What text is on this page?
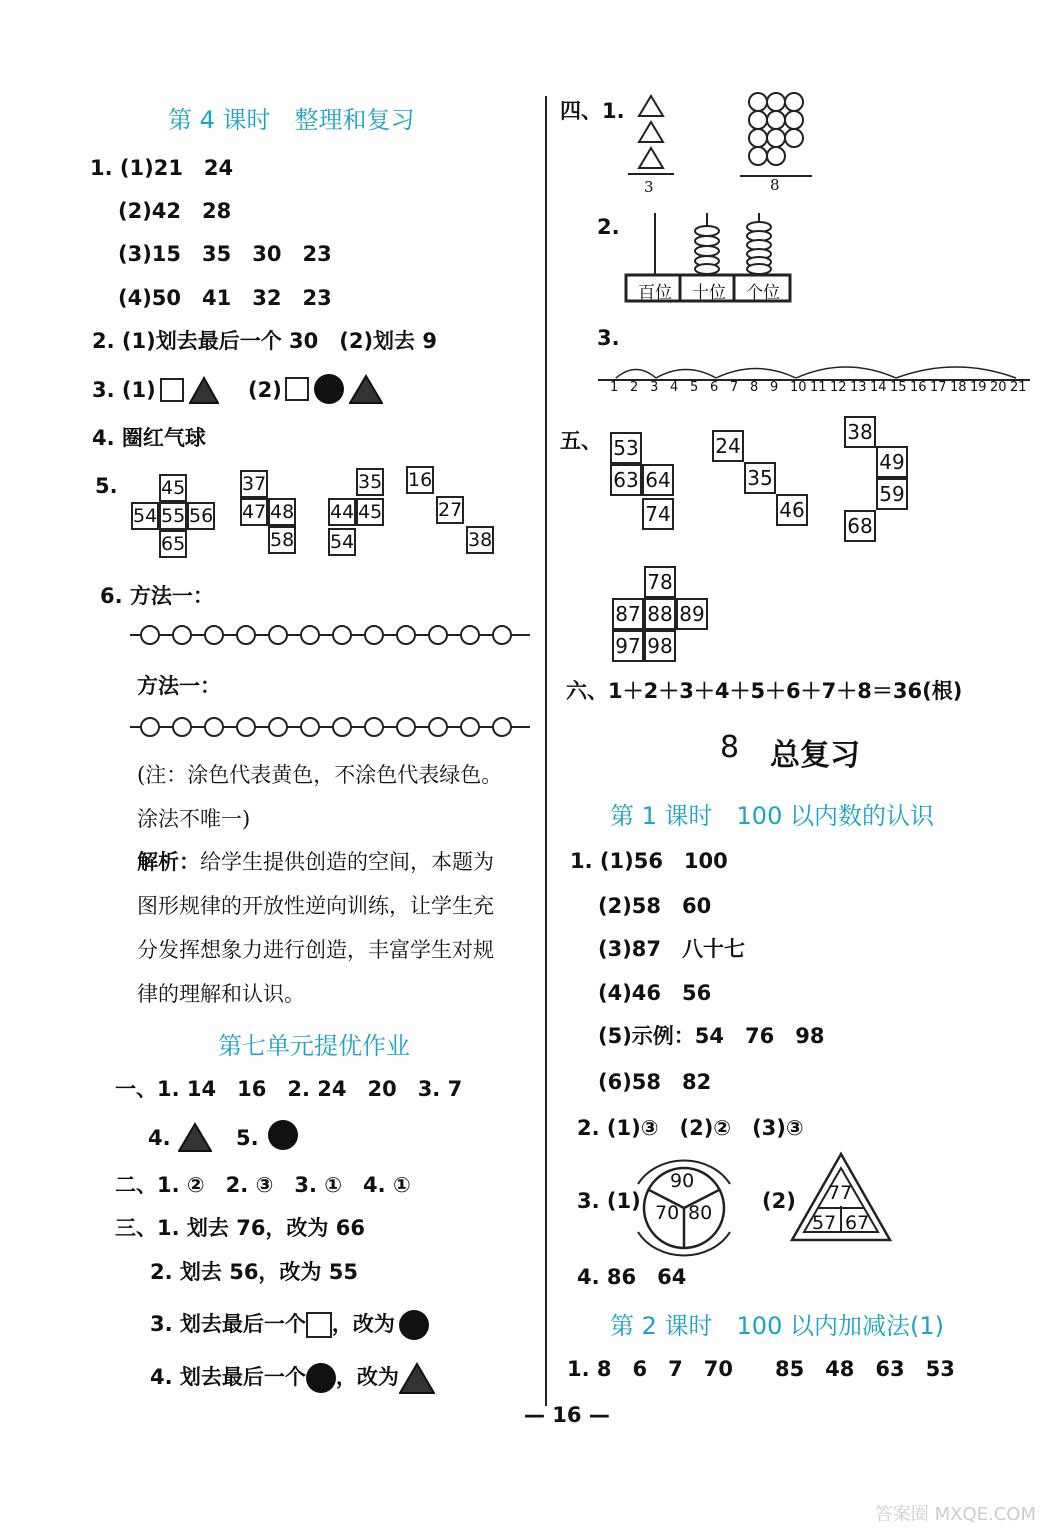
第 4 课时　整理和复习
1. (1)21　24
(2)42　28
(3)15　35　30　23
(4)50　41　32　23
2. (1)划去最后一个 30　(2)划去 9
3. (1)
	(2)

4. 圈红气球
5. 45
54 55 56
65
37
47 48
58
35
44 45
54
16
27
38
6. 方法一：
方法一：
(注：涂色代表黄色，不涂色代表绿色。
涂法不唯一)
解析：给学生提供创造的空间，本题为
图形规律的开放性逆向训练，让学生充
分发挥想象力进行创造，丰富学生对规
律的理解和认识。
第七单元提优作业
一、1. 14　16　2. 24　20　3. 7
4.	5.
二、1. ②　2. ③　3. ①　4. ①
三、1. 划去 76，改为 66
2. 划去 56，改为 55
3. 划去最后一个 ，改为
4. 划去最后一个 ，改为
四、1.
3	8
2.
百位	十位	个位
3.
1 2 3 4 5 6 7 8 9 10 11 12 13 14 15 16 17 18 19 20 21
五、 53
63 64
74
24
35
46
38
49
59
68
78
87 88 89
97 98
六、1＋2＋3＋4＋5＋6＋7＋8＝36(根)
8 总复习
第 1 课时　100 以内数的认识
1. (1)56　100
(2)58　60
(3)87　八十七
(4)46　56
(5)示例：54　76　98
(6)58　82
2. (1)③　(2)②　(3)③
3. (1)
90
70 80 (2) 77
57 67
4. 86　64
第 2 课时　100 以内加减法(1)
1. 8　6　7　70　　85　48　63　53
— 16 —
答案圈 MXQE.COM
